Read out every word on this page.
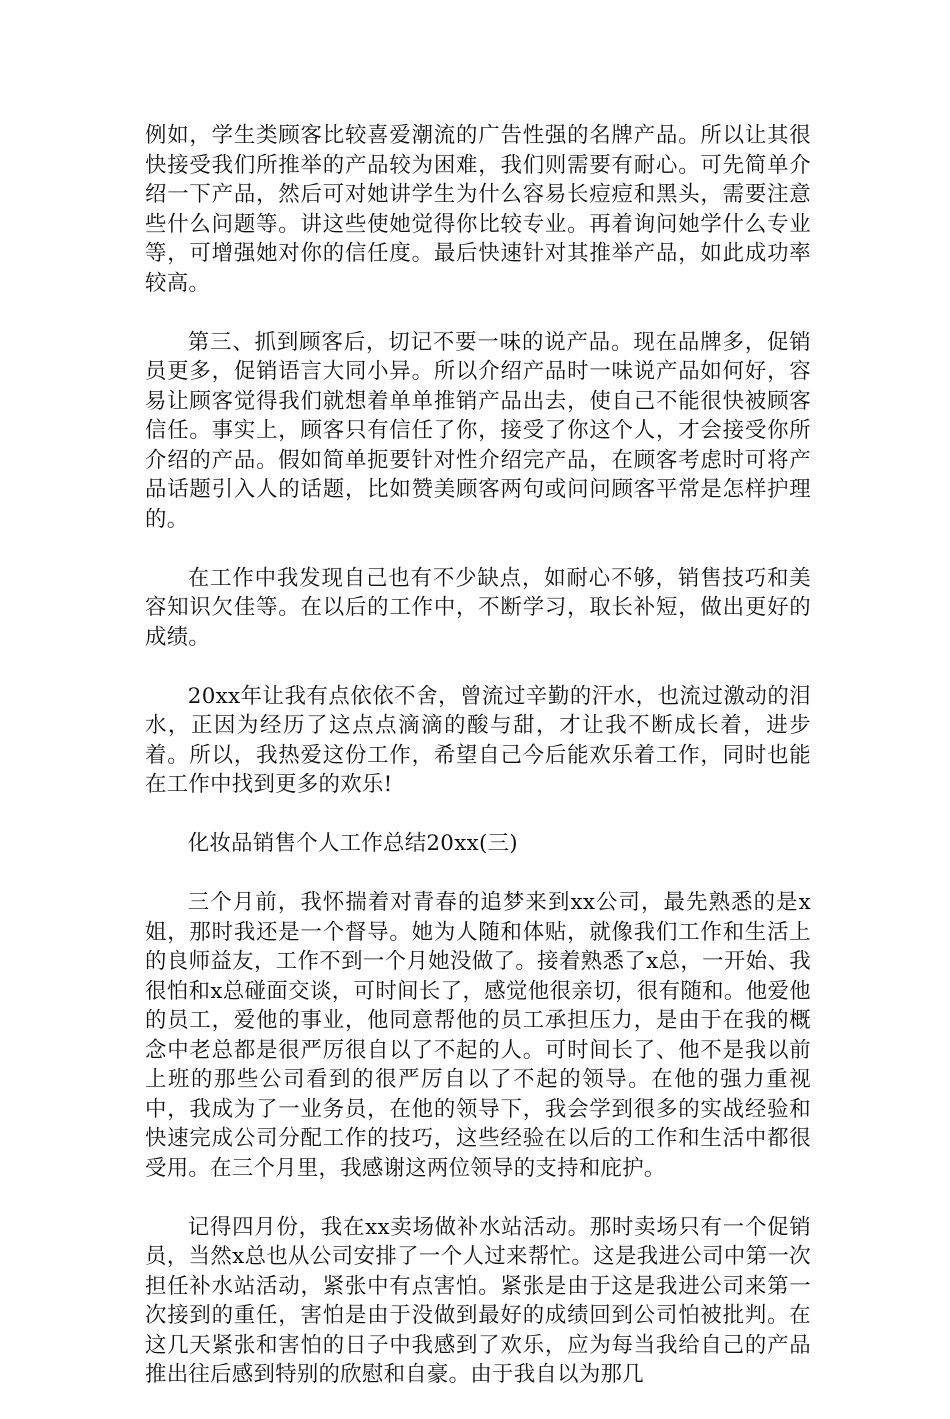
例如，学生类顾客比较喜爱潮流的广告性强的名牌产品。所以让其很快接受我们所推举的产品较为困难，我们则需要有耐心。可先简单介绍一下产品，然后可对她讲学生为什么容易长痘痘和黑头，需要注意些什么问题等。讲这些使她觉得你比较专业。再着询问她学什么专业等，可增强她对你的信任度。最后快速针对其推举产品，如此成功率较高。

第三、抓到顾客后，切记不要一味的说产品。现在品牌多，促销员更多，促销语言大同小异。所以介绍产品时一味说产品如何好，容易让顾客觉得我们就想着单单推销产品出去，使自己不能很快被顾客信任。事实上，顾客只有信任了你，接受了你这个人，才会接受你所介绍的产品。假如简单扼要针对性介绍完产品，在顾客考虑时可将产品话题引入人的话题，比如赞美顾客两句或问问顾客平常是怎样护理的。

在工作中我发现自己也有不少缺点，如耐心不够，销售技巧和美容知识欠佳等。在以后的工作中，不断学习，取长补短，做出更好的成绩。

20xx年让我有点依依不舍，曾流过辛勤的汗水，也流过激动的泪水，正因为经历了这点点滴滴的酸与甜，才让我不断成长着，进步着。所以，我热爱这份工作，希望自己今后能欢乐着工作，同时也能在工作中找到更多的欢乐!

化妆品销售个人工作总结20xx(三)

三个月前，我怀揣着对青春的追梦来到xx公司，最先熟悉的是x姐，那时我还是一个督导。她为人随和体贴，就像我们工作和生活上的良师益友，工作不到一个月她没做了。接着熟悉了x总，一开始、我很怕和x总碰面交谈，可时间长了，感觉他很亲切，很有随和。他爱他的员工，爱他的事业，他同意帮他的员工承担压力，是由于在我的概念中老总都是很严厉很自以了不起的人。可时间长了、他不是我以前上班的那些公司看到的很严厉自以了不起的领导。在他的强力重视中，我成为了一业务员，在他的领导下，我会学到很多的实战经验和快速完成公司分配工作的技巧，这些经验在以后的工作和生活中都很受用。在三个月里，我感谢这两位领导的支持和庇护。

记得四月份，我在xx卖场做补水站活动。那时卖场只有一个促销员，当然x总也从公司安排了一个人过来帮忙。这是我进公司中第一次担任补水站活动，紧张中有点害怕。紧张是由于这是我进公司来第一次接到的重任，害怕是由于没做到最好的成绩回到公司怕被批判。在这几天紧张和害怕的日子中我感到了欢乐，应为每当我给自己的产品推出往后感到特别的欣慰和自豪。由于我自以为那几
